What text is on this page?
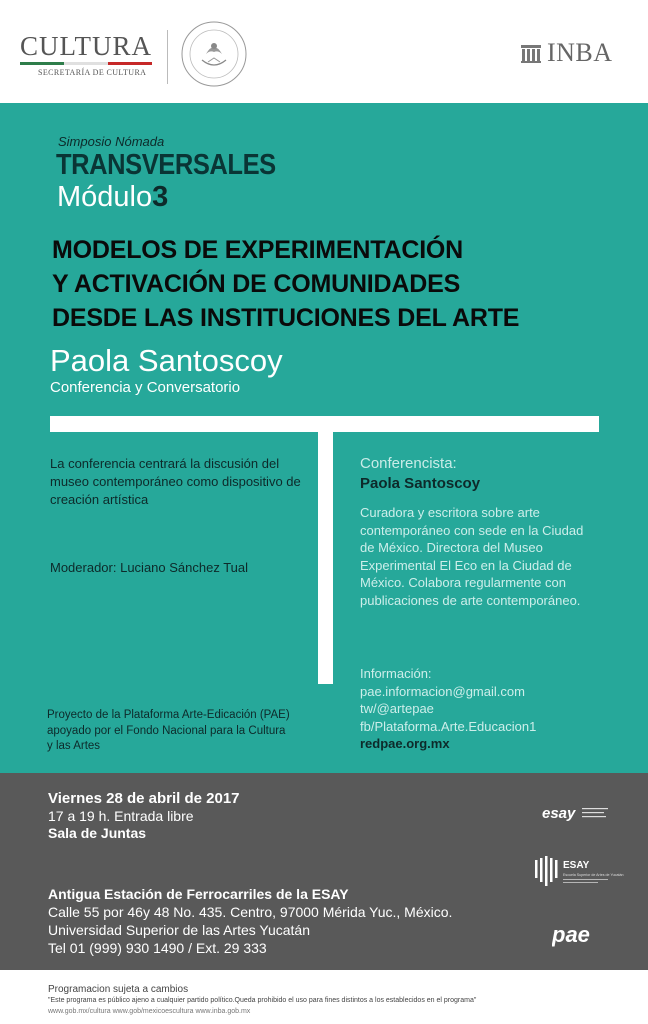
CULTURA
SECRETARÍA DE CULTURA
INBA
Simposio Nómada
TRANSVERSALES
Módulo3
MODELOS DE EXPERIMENTACIÓN
Y ACTIVACIÓN DE COMUNIDADES
DESDE LAS INSTITUCIONES DEL ARTE
Paola Santoscoy
Conferencia y Conversatorio
La conferencia centrará la discusión del museo contemporáneo como dispositivo de creación artística
Moderador: Luciano Sánchez Tual
Proyecto de la Plataforma Arte-Edicación (PAE)
apoyado por el Fondo Nacional para la Cultura
y las Artes
Conferencista:
Paola Santoscoy
Curadora y escritora sobre arte contemporáneo con sede en la Ciudad de México. Directora del Museo Experimental El Eco en la Ciudad de México. Colabora regularmente con publicaciones de arte contemporáneo.
Información:
pae.informacion@gmail.com
tw/@artepae
fb/Plataforma.Arte.Educacion1
redpae.org.mx
Viernes 28 de abril de 2017
17 a 19 h. Entrada libre
Sala de Juntas
Antigua Estación de Ferrocarriles de la ESAY
Calle 55 por 46y 48 No. 435. Centro, 97000 Mérida Yuc., México.
Universidad Superior de las Artes Yucatán
Tel 01 (999) 930 1490 / Ext. 29 333
esay
ESAY
Escuela Superior de Artes de Yucatán
pae
Programacion sujeta a cambios
"Este programa es público ajeno a cualquier partido político.Queda prohibido el uso para fines distintos a los establecidos en el programa"
www.gob.mx/cultura www.gob/mexicoescultura www.inba.gob.mx
